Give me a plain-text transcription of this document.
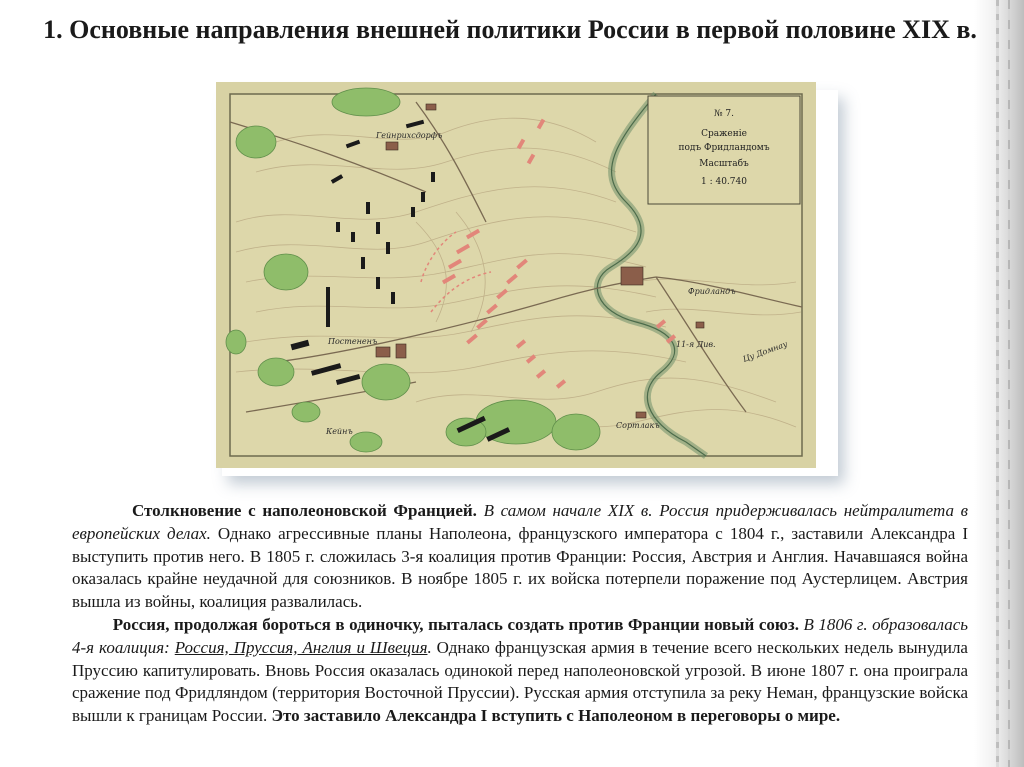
1. Основные направления внешней политики России в первой половине XIX в.
Фридландъ
Постененъ
Гейнрихсдорфъ
Сортлакъ
Кейнъ
11-я Див.	Цу Домнау
№ 7.
Сраженіе
подъ Фридландомъ
Масштабъ
1 : 40.740

Столкновение с наполеоновской Францией. В самом начале XIX в. Россия придерживалась нейтралитета в европейских делах. Однако агрессивные планы Наполеона, французского императора с 1804 г., заставили Александра I выступить против него. В 1805 г. сложилась 3-я коалиция против Франции: Россия, Австрия и Англия. Начавшаяся война оказалась крайне неудачной для союзников. В ноябре 1805 г. их войска потерпели поражение под Аустерлицем. Австрия вышла из войны, коалиция развалилась.

Россия, продолжая бороться в одиночку, пыталась создать против Франции новый союз. В 1806 г. образовалась 4-я коалиция: Россия, Пруссия, Англия и Швеция. Однако французская армия в течение всего нескольких недель вынудила Пруссию капитулировать. Вновь Россия оказалась одинокой перед наполеоновской угрозой. В июне 1807 г. она проиграла сражение под Фридляндом (территория Восточной Пруссии). Русская армия отступила за реку Неман, французские войска вышли к границам России. Это заставило Александра I вступить с Наполеоном в переговоры о мире.
